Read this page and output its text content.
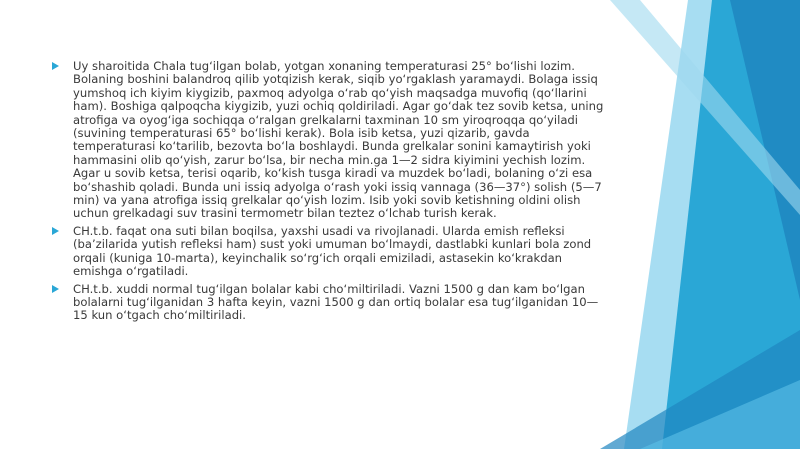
Uy sharoitida Chala tug‘ilgan bolab, yotgan xonaning temperaturasi 25° bo‘lishi lozim. Bolaning boshini balandroq qilib yotqizish kerak, siqib yo‘rgaklash yaramaydi. Bolaga issiq yumshoq ich kiyim kiygizib, paxmoq adyolga o‘rab qo‘yish maqsadga muvofiq (qo‘llarini ham). Boshiga qalpoqcha kiygizib, yuzi ochiq qoldiriladi. Agar go‘dak tez sovib ketsa, uning atrofiga va oyog‘iga sochiqqa o‘ralgan grelkalarni taxminan 10 sm yiroqroqqa qo‘yiladi (suvining temperaturasi 65° bo‘lishi kerak). Bola isib ketsa, yuzi qizarib, gavda temperaturasi ko‘tarilib, bezovta bo‘la boshlaydi. Bunda grelkalar sonini kamaytirish yoki hammasini olib qo‘yish, zarur bo‘lsa, bir necha min.ga 1—2 sidra kiyimini yechish lozim. Agar u sovib ketsa, terisi oqarib, ko‘kish tusga kiradi va muzdek bo‘ladi, bolaning o‘zi esa bo‘shashib qoladi. Bunda uni issiq adyolga o‘rash yoki issiq vannaga (36—37°) solish (5—7 min) va yana atrofiga issiq grelkalar qo‘yish lozim. Isib yoki sovib ketishning oldini olish uchun grelkadagi suv trasini termometr bilan teztez o‘lchab turish kerak.
CH.t.b. faqat ona suti bilan boqilsa, yaxshi usadi va rivojlanadi. Ularda emish refleksi (ba’zilarida yutish refleksi ham) sust yoki umuman bo‘lmaydi, dastlabki kunlari bola zond orqali (kuniga 10-marta), keyinchalik so‘rg‘ich orqali emiziladi, astasekin ko‘krakdan emishga o‘rgatiladi.
CH.t.b. xuddi normal tug‘ilgan bolalar kabi cho‘miltiriladi. Vazni 1500 g dan kam bo‘lgan bolalarni tug‘ilganidan 3 hafta keyin, vazni 1500 g dan ortiq bolalar esa tug‘ilganidan 10—15 kun o‘tgach cho‘miltiriladi.
